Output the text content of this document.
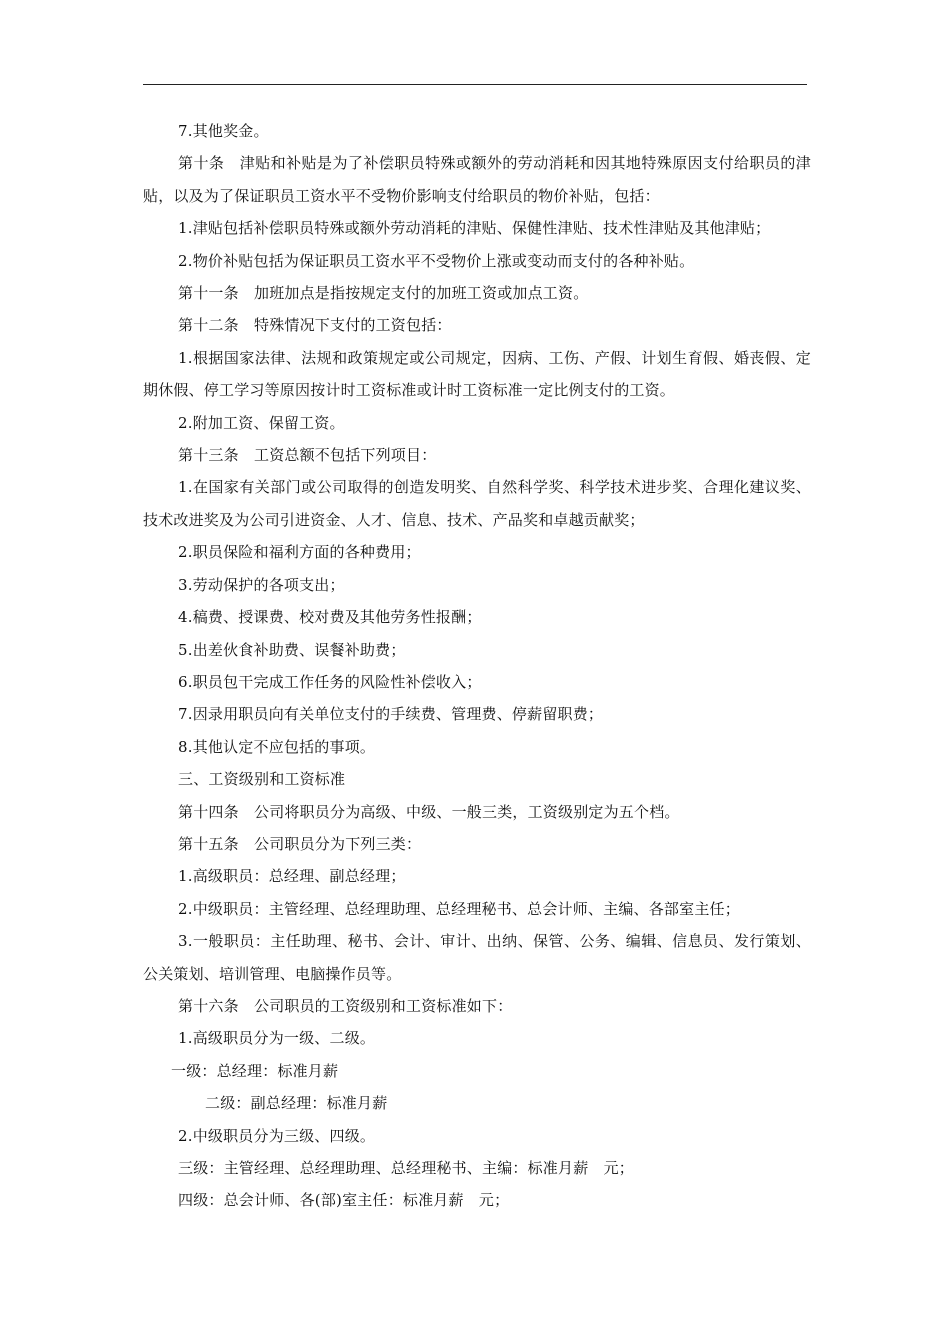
7.其他奖金。

第十条　津贴和补贴是为了补偿职员特殊或额外的劳动消耗和因其地特殊原因支付给职员的津贴，以及为了保证职员工资水平不受物价影响支付给职员的物价补贴，包括：

1.津贴包括补偿职员特殊或额外劳动消耗的津贴、保健性津贴、技术性津贴及其他津贴；

2.物价补贴包括为保证职员工资水平不受物价上涨或变动而支付的各种补贴。

第十一条　加班加点是指按规定支付的加班工资或加点工资。

第十二条　特殊情况下支付的工资包括：

1.根据国家法律、法规和政策规定或公司规定，因病、工伤、产假、计划生育假、婚丧假、定期休假、停工学习等原因按计时工资标准或计时工资标准一定比例支付的工资。

2.附加工资、保留工资。

第十三条　工资总额不包括下列项目：

1.在国家有关部门或公司取得的创造发明奖、自然科学奖、科学技术进步奖、合理化建议奖、技术改进奖及为公司引进资金、人才、信息、技术、产品奖和卓越贡献奖；

2.职员保险和福利方面的各种费用；

3.劳动保护的各项支出；

4.稿费、授课费、校对费及其他劳务性报酬；

5.出差伙食补助费、误餐补助费；

6.职员包干完成工作任务的风险性补偿收入；

7.因录用职员向有关单位支付的手续费、管理费、停薪留职费；

8.其他认定不应包括的事项。

三、工资级别和工资标准

第十四条　公司将职员分为高级、中级、一般三类，工资级别定为五个档。

第十五条　公司职员分为下列三类：

1.高级职员：总经理、副总经理；

2.中级职员：主管经理、总经理助理、总经理秘书、总会计师、主编、各部室主任；

3.一般职员：主任助理、秘书、会计、审计、出纳、保管、公务、编辑、信息员、发行策划、公关策划、培训管理、电脑操作员等。

第十六条　公司职员的工资级别和工资标准如下：

1.高级职员分为一级、二级。

一级：总经理：标准月薪

二级：副总经理：标准月薪

2.中级职员分为三级、四级。

三级：主管经理、总经理助理、总经理秘书、主编：标准月薪　元；

四级：总会计师、各(部)室主任：标准月薪　元；
